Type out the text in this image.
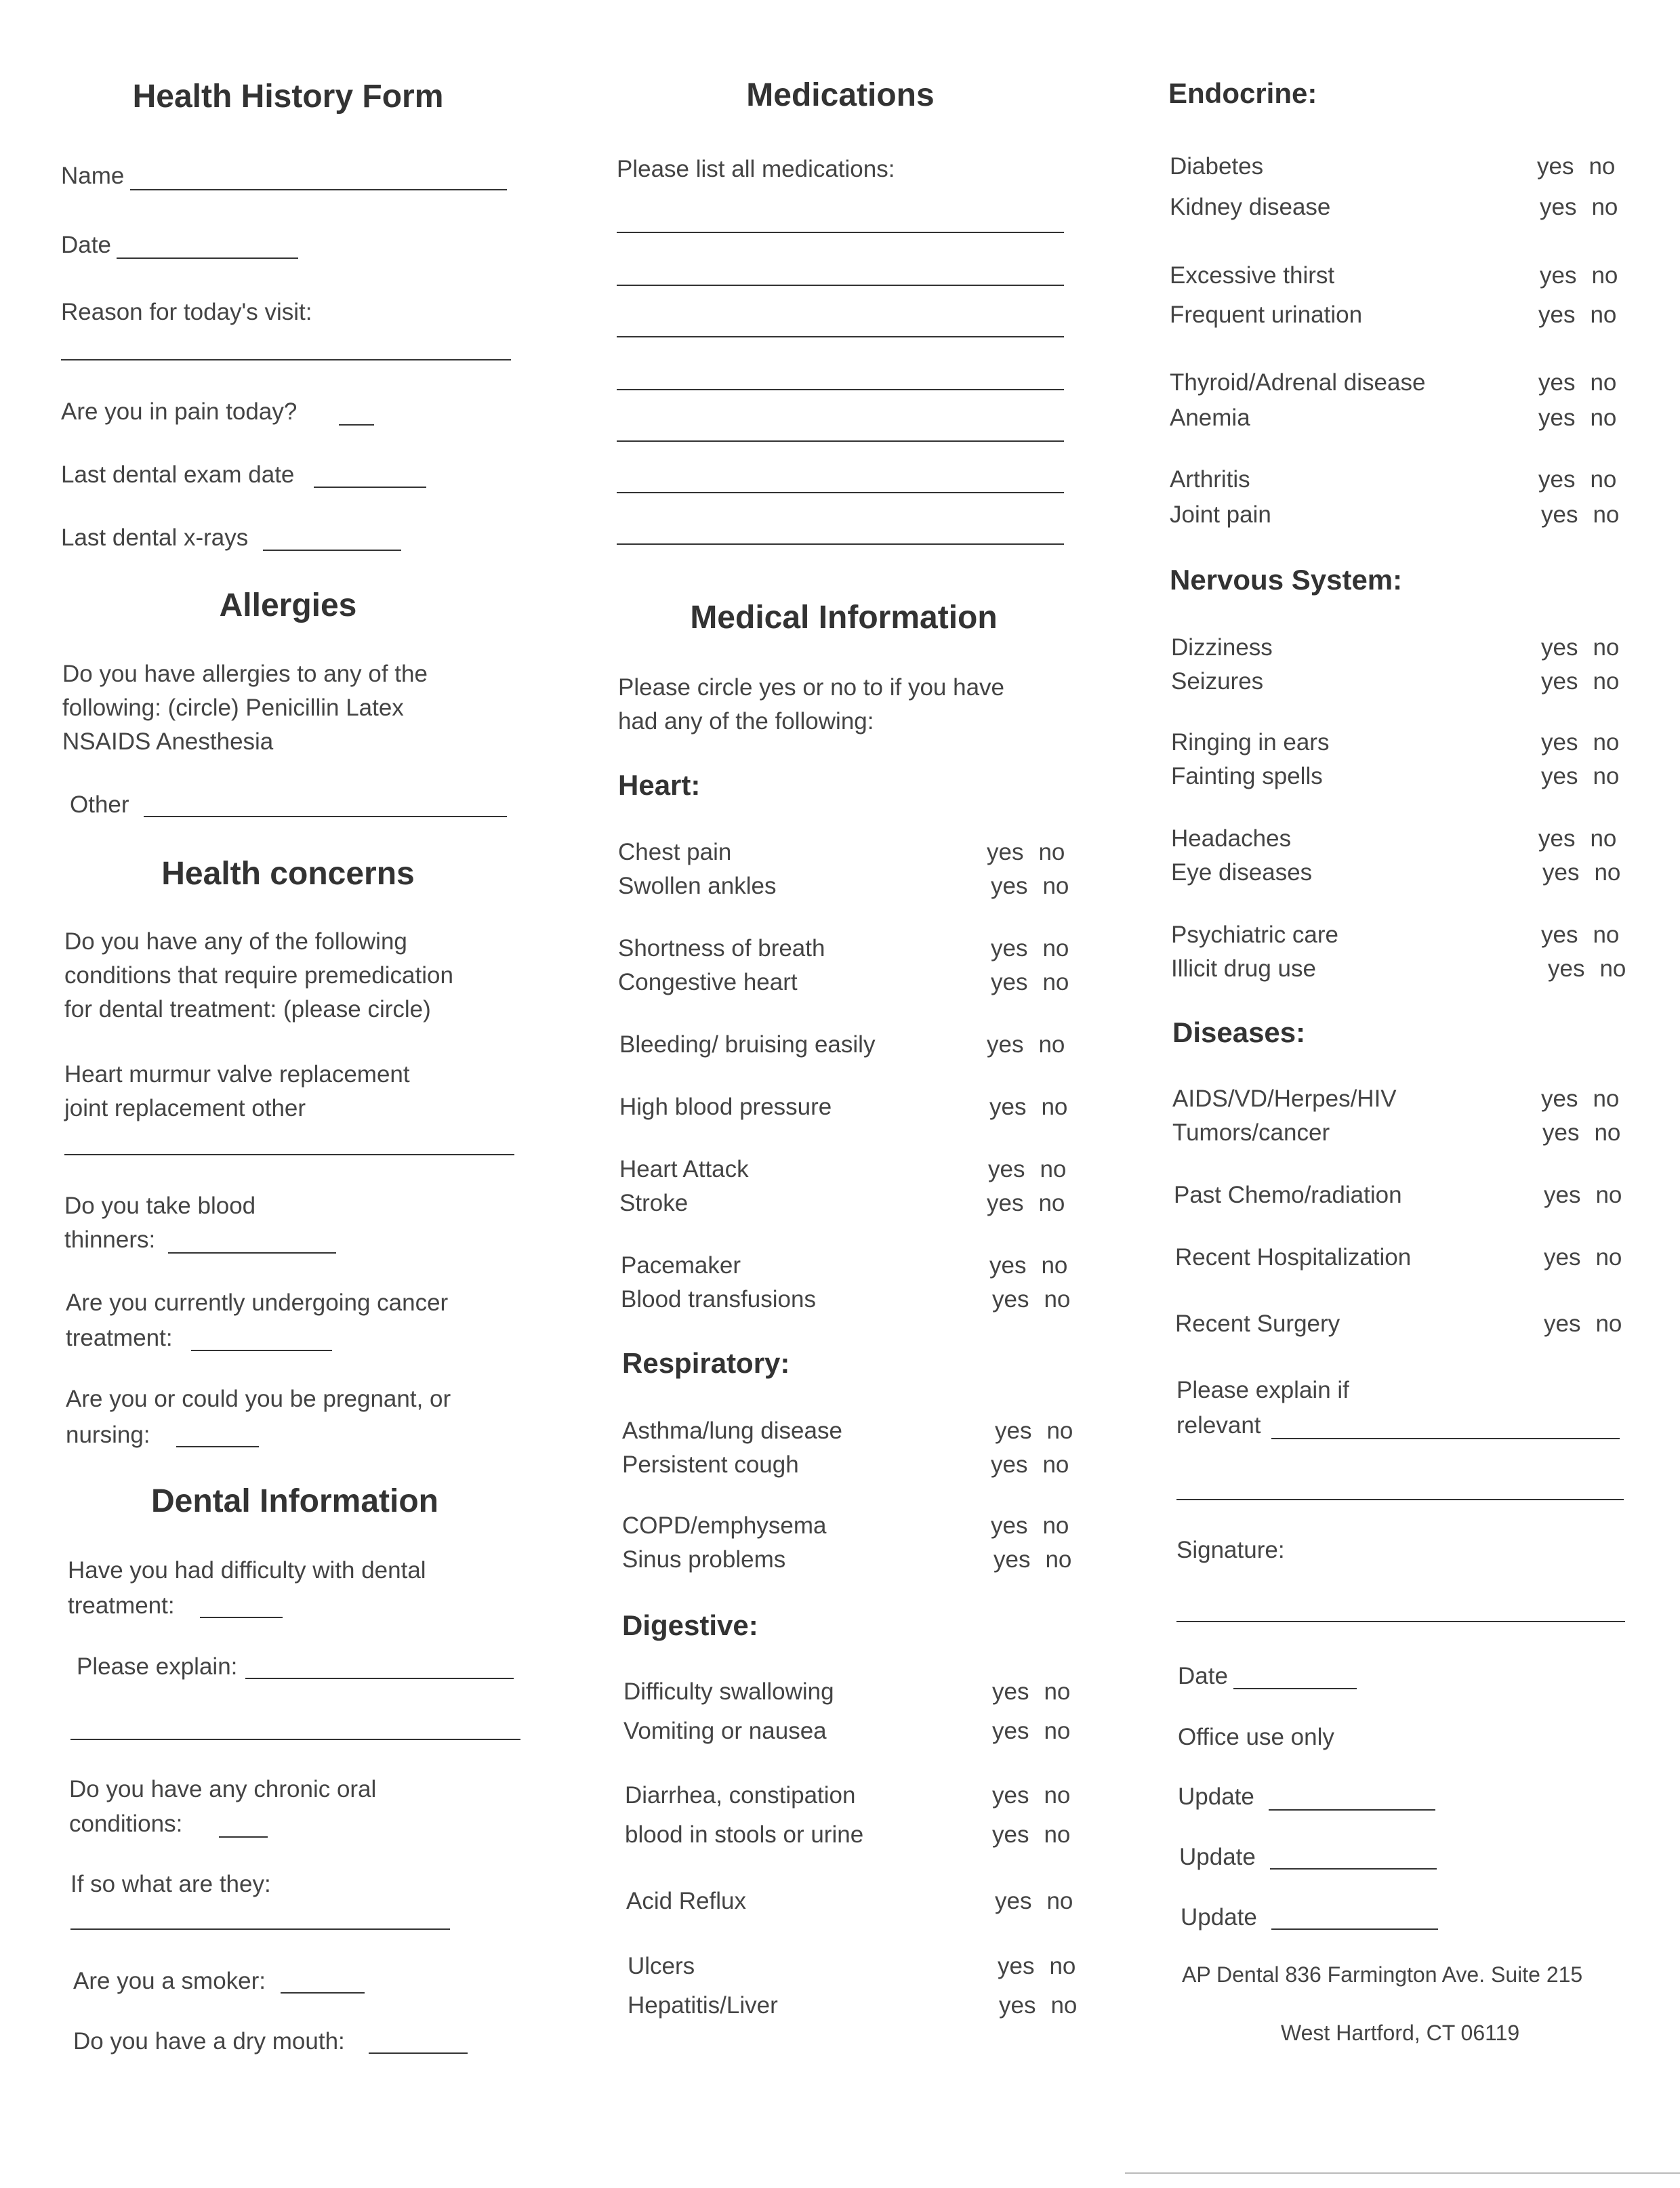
Health History Form
Name
Date
Reason for today's visit:
Are you in pain today?
Last dental exam date
Last dental x-rays
Allergies
Do you have allergies to any of the
following: (circle) Penicillin Latex
NSAIDS Anesthesia
Other
Health concerns
Do you have any of the following
conditions that require premedication
for dental treatment: (please circle)
Heart murmur valve replacement
joint replacement other
Do you take blood
thinners:
Are you currently undergoing cancer
treatment:
Are you or could you be pregnant, or
nursing:
Dental Information
Have you had difficulty with dental
treatment:
Please explain:
Do you have any chronic oral
conditions:
If so what are they:
Are you a smoker:
Do you have a dry mouth:
Medications
Please list all medications:
Medical Information
Please circle yes or no to if you have
had any of the following:
Heart:
Chest pain	yes no
Swollen ankles	yes no
Shortness of breath	yes no
Congestive heart	yes no
Bleeding/ bruising easily	yes no
High blood pressure	yes no
Heart Attack	yes no
Stroke	yes no
Pacemaker	yes no
Blood transfusions	yes no
Respiratory:
Asthma/lung disease	yes no
Persistent cough	yes no
COPD/emphysema	yes no
Sinus problems	yes no
Digestive:
Difficulty swallowing	yes no
Vomiting or nausea	yes no
Diarrhea, constipation	yes no
blood in stools or urine	yes no
Acid Reflux	yes no
Ulcers	yes no
Hepatitis/Liver	yes no
Endocrine:
Diabetes	yes no
Kidney disease	yes no
Excessive thirst	yes no
Frequent urination	yes no
Thyroid/Adrenal disease	yes no
Anemia	yes no
Arthritis	yes no
Joint pain	yes no
Nervous System:
Dizziness	yes no
Seizures	yes no
Ringing in ears	yes no
Fainting spells	yes no
Headaches	yes no
Eye diseases	yes no
Psychiatric care	yes no
Illicit drug use	yes no
Diseases:
AIDS/VD/Herpes/HIV	yes no
Tumors/cancer	yes no
Past Chemo/radiation	yes no
Recent Hospitalization	yes no
Recent Surgery	yes no
Please explain if
relevant
Signature:
Date
Office use only
Update
Update
Update
AP Dental 836 Farmington Ave. Suite 215
West Hartford, CT 06119
